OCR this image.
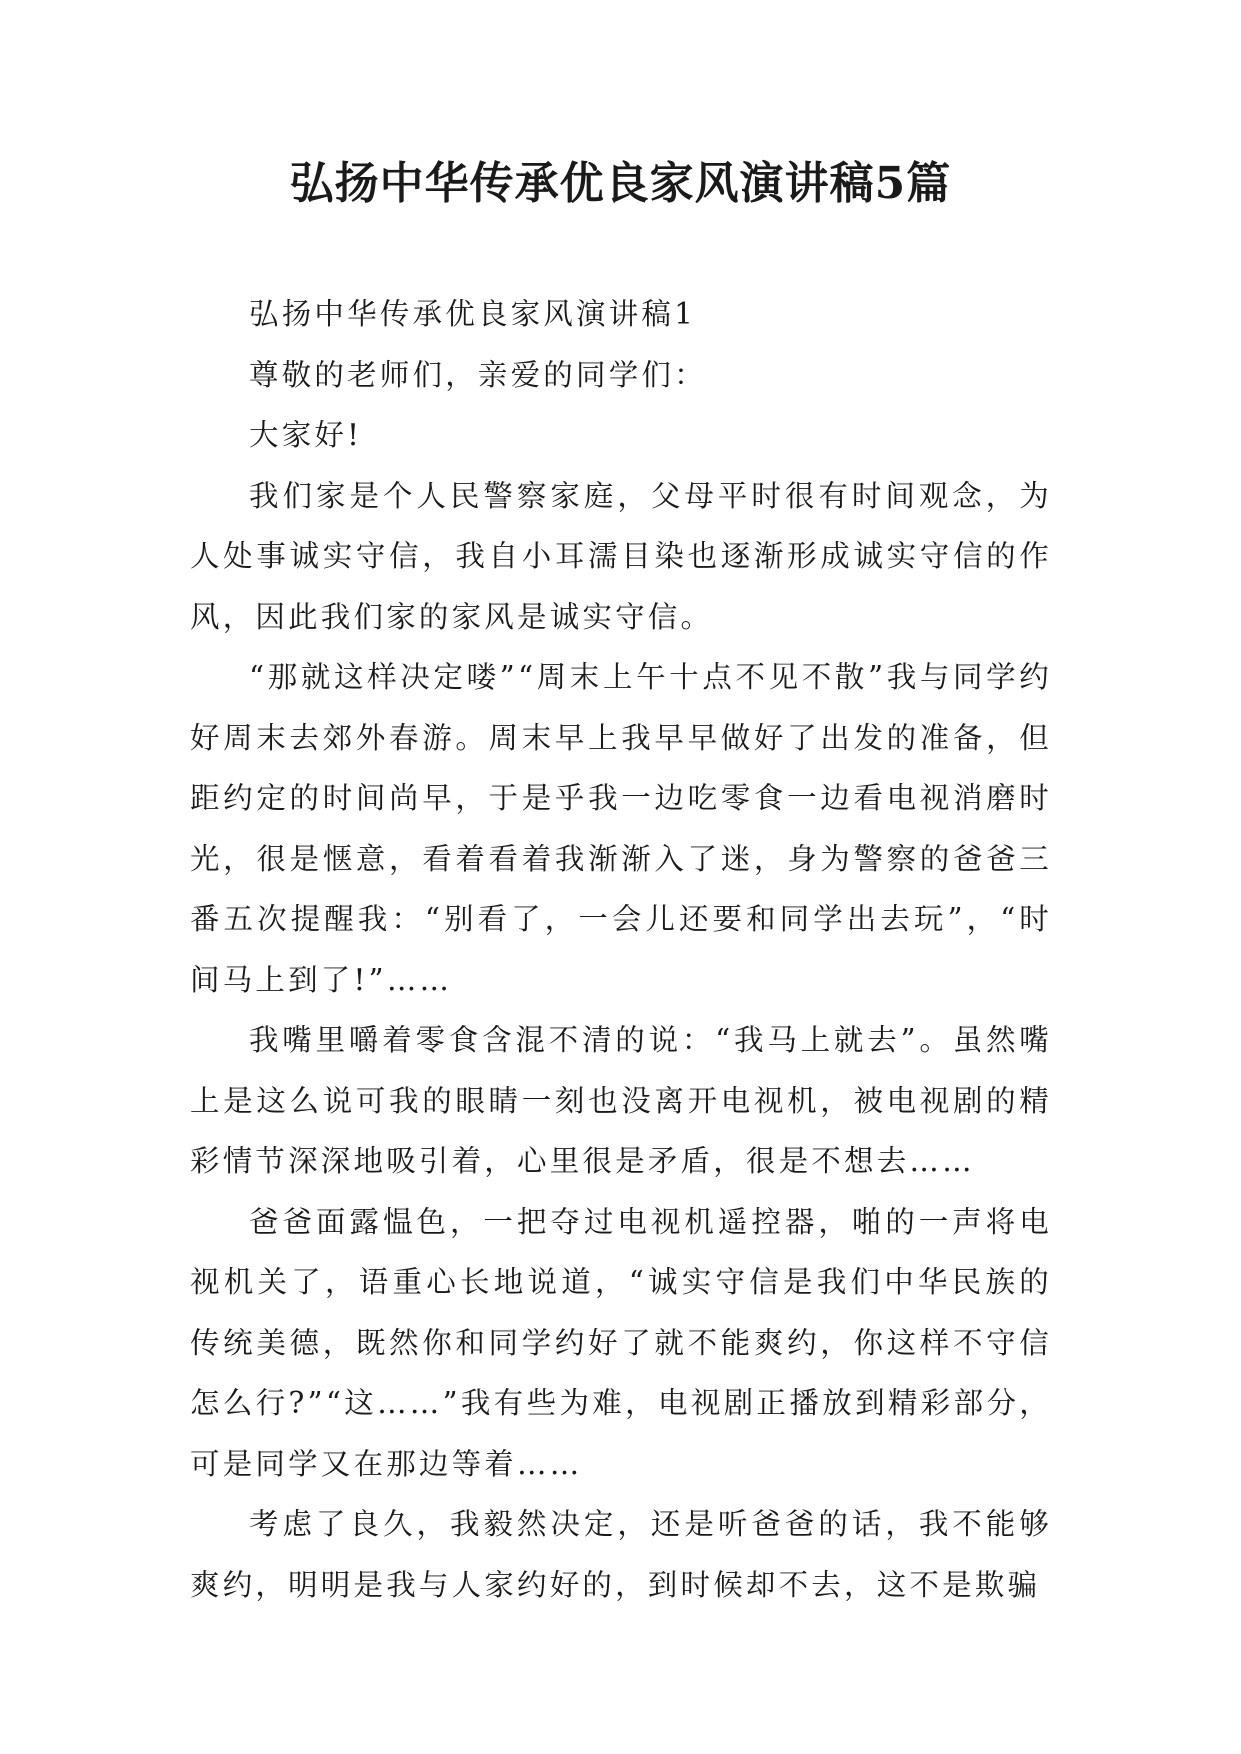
弘扬中华传承优良家风演讲稿5篇

弘扬中华传承优良家风演讲稿1

尊敬的老师们，亲爱的同学们：

大家好!

我们家是个人民警察家庭，父母平时很有时间观念，为人处事诚实守信，我自小耳濡目染也逐渐形成诚实守信的作风，因此我们家的家风是诚实守信。

“那就这样决定喽”“周末上午十点不见不散”我与同学约好周末去郊外春游。周末早上我早早做好了出发的准备，但距约定的时间尚早，于是乎我一边吃零食一边看电视消磨时光，很是惬意，看着看着我渐渐入了迷，身为警察的爸爸三番五次提醒我：“别看了，一会儿还要和同学出去玩”，“时间马上到了!”……

我嘴里嚼着零食含混不清的说：“我马上就去”。虽然嘴上是这么说可我的眼睛一刻也没离开电视机，被电视剧的精彩情节深深地吸引着，心里很是矛盾，很是不想去……

爸爸面露愠色，一把夺过电视机遥控器，啪的一声将电视机关了，语重心长地说道，“诚实守信是我们中华民族的传统美德，既然你和同学约好了就不能爽约，你这样不守信怎么行?”“这……”我有些为难，电视剧正播放到精彩部分，可是同学又在那边等着……

考虑了良久，我毅然决定，还是听爸爸的话，我不能够爽约，明明是我与人家约好的，到时候却不去，这不是欺骗
